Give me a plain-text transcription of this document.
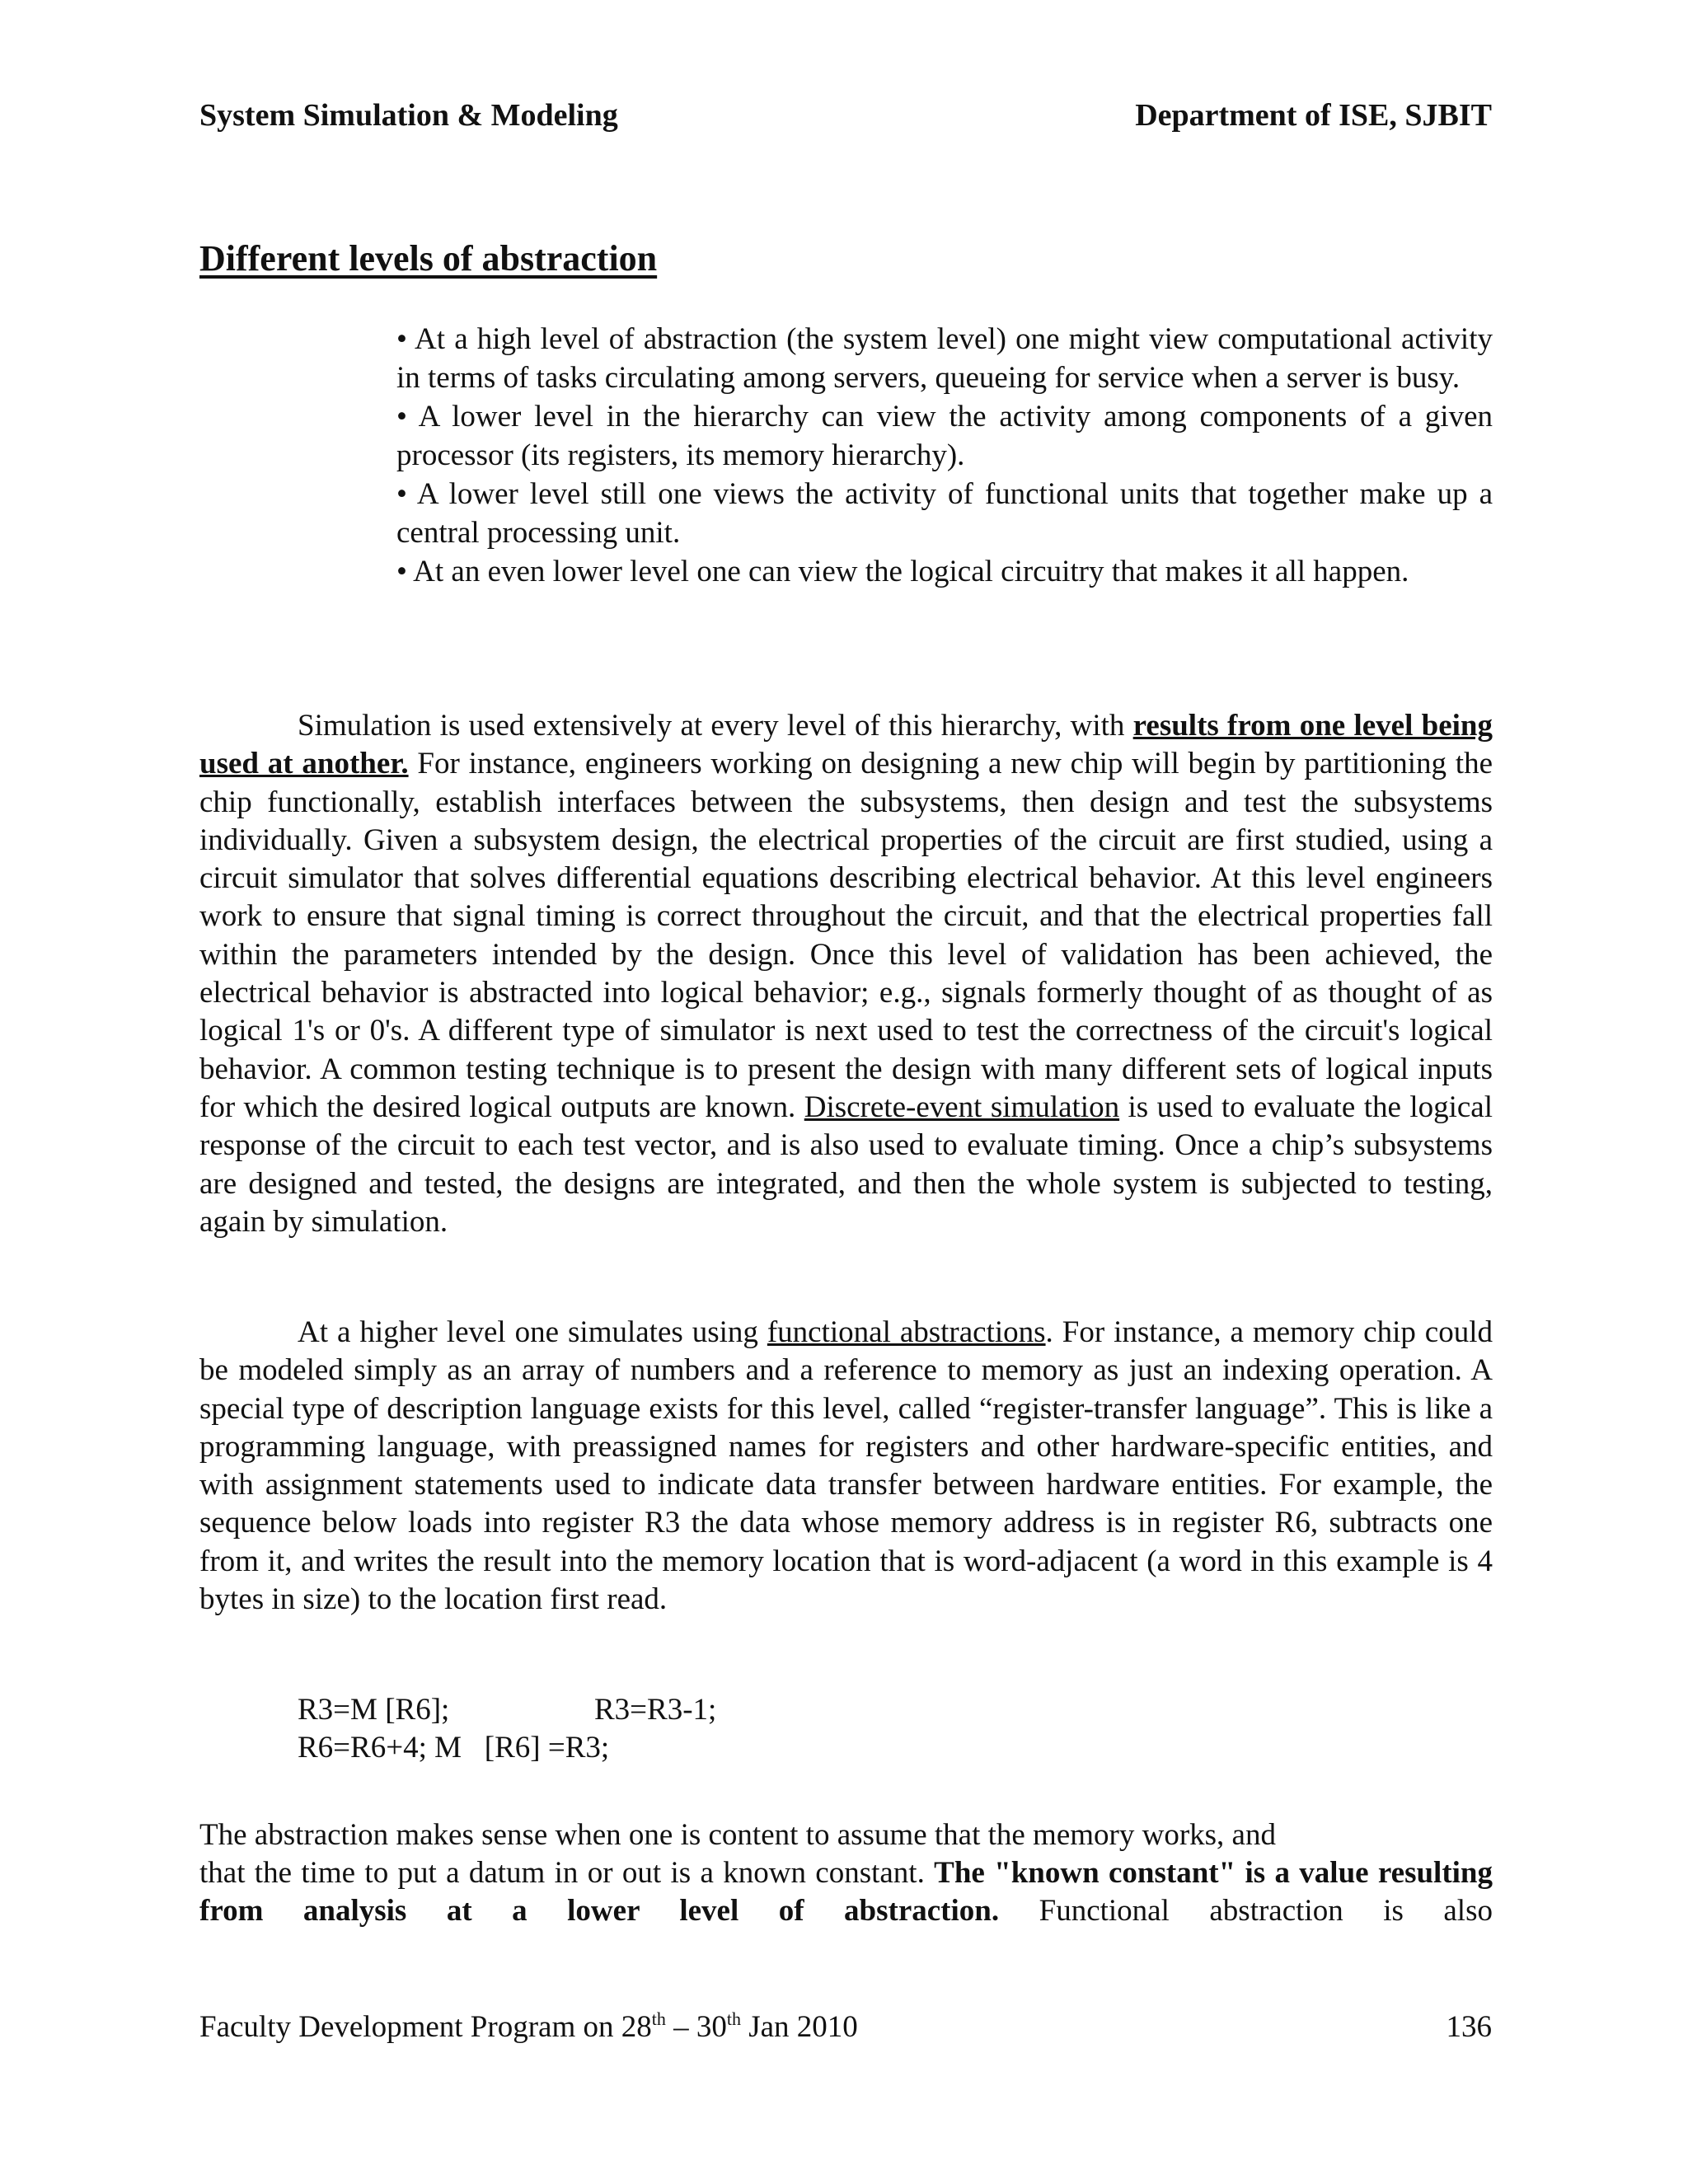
System Simulation & Modeling	Department of ISE, SJBIT
Different levels of abstraction

• At a high level of abstraction (the system level) one might view computational activity in terms of tasks circulating among servers, queueing for service when a server is busy.

• A lower level in the hierarchy can view the activity among components of a given processor (its registers, its memory hierarchy).

• A lower level still one views the activity of functional units that together make up a central processing unit.

• At an even lower level one can view the logical circuitry that makes it all happen.

Simulation is used extensively at every level of this hierarchy, with results from one level being used at another. For instance, engineers working on designing a new chip will begin by partitioning the chip functionally, establish interfaces between the subsystems, then design and test the subsystems individually. Given a subsystem design, the electrical properties of the circuit are first studied, using a circuit simulator that solves differential equations describing electrical behavior. At this level engineers work to ensure that signal timing is correct throughout the circuit, and that the electrical properties fall within the parameters intended by the design. Once this level of validation has been achieved, the electrical behavior is abstracted into logical behavior; e.g., signals formerly thought of as thought of as logical 1's or 0's. A different type of simulator is next used to test the correctness of the circuit's logical behavior. A common testing technique is to present the design with many different sets of logical inputs for which the desired logical outputs are known. Discrete-event simulation is used to evaluate the logical response of the circuit to each test vector, and is also used to evaluate timing. Once a chip’s subsystems are designed and tested, the designs are integrated, and then the whole system is subjected to testing, again by simulation.

At a higher level one simulates using functional abstractions. For instance, a memory chip could be modeled simply as an array of numbers and a reference to memory as just an indexing operation. A special type of description language exists for this level, called “register-transfer language”. This is like a programming language, with preassigned names for registers and other hardware-specific entities, and with assignment statements used to indicate data transfer between hardware entities. For example, the sequence below loads into register R3 the data whose memory address is in register R6, subtracts one from it, and writes the result into the memory location that is word-adjacent (a word in this example is 4 bytes in size) to the location first read.

R3=M [R6];	R3=R3-1;
R6=R6+4; M   [R6] =R3;
The abstraction makes sense when one is content to assume that the memory works, and
that the time to put a datum in or out is a known constant. The "known constant" is a value resulting from analysis at a lower level of abstraction. Functional abstraction is also
Faculty Development Program on 28th – 30th Jan 2010	136
